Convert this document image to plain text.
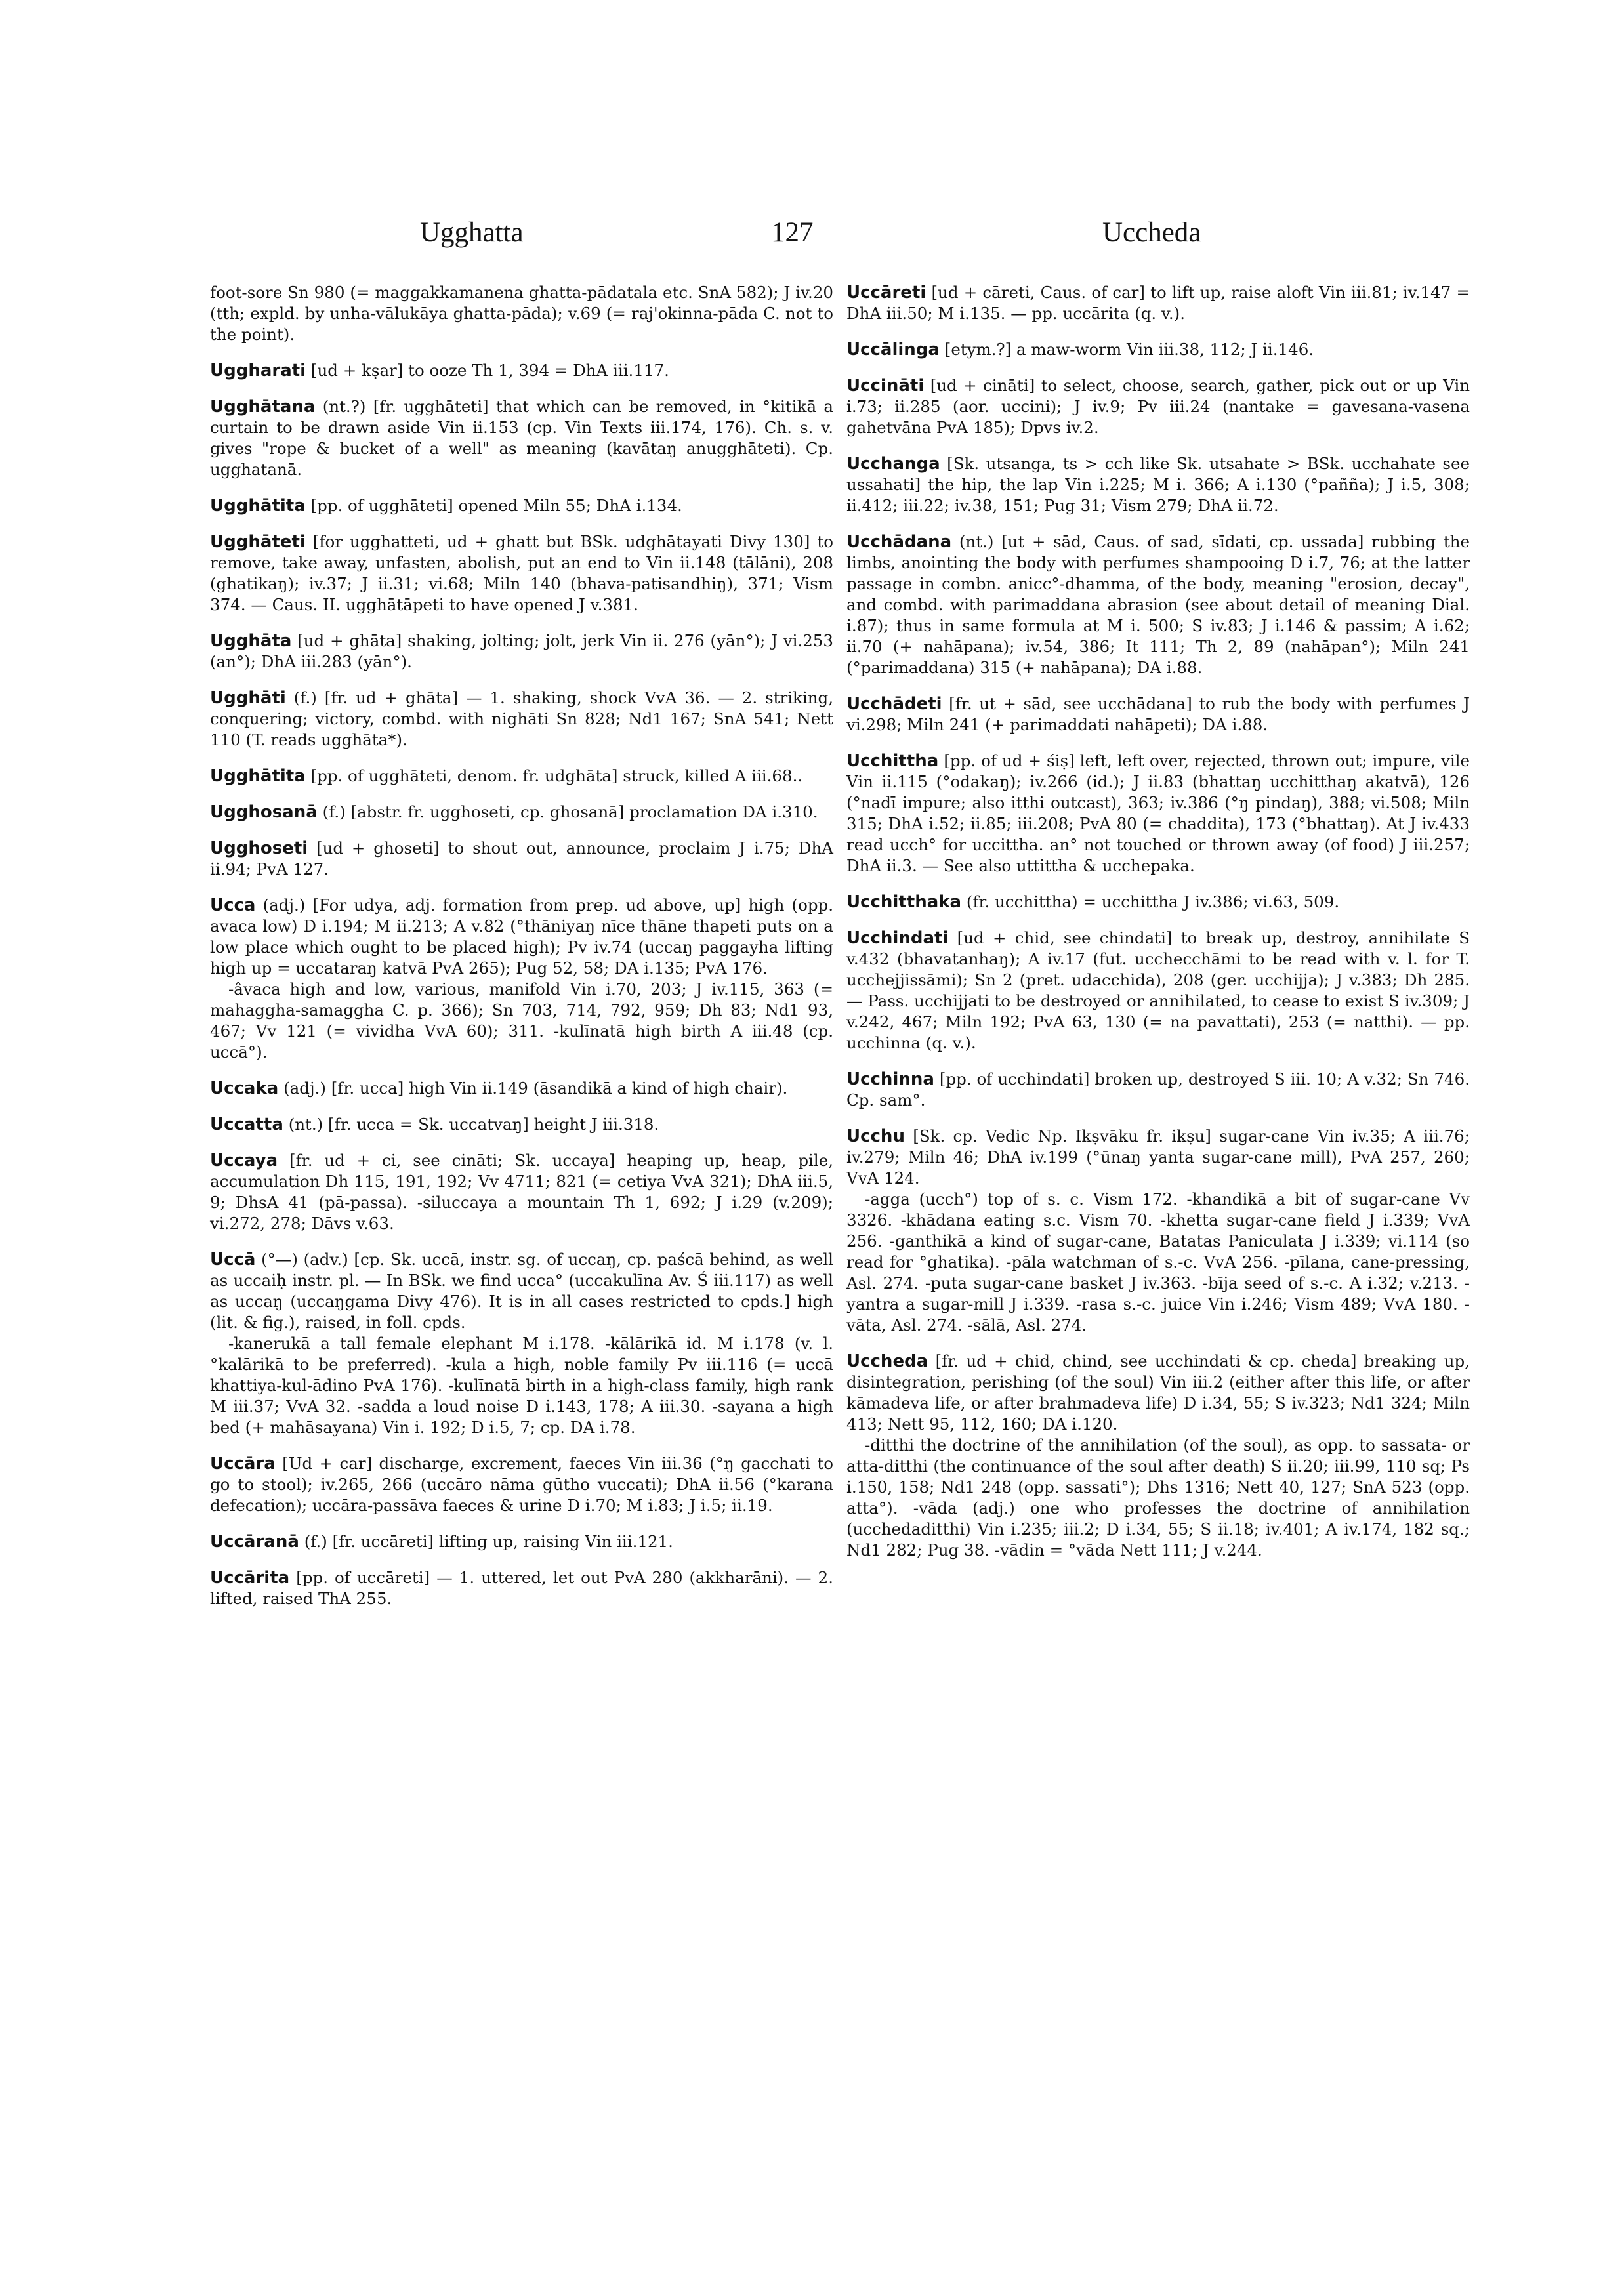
Ugghatta	127	Uccheda
foot-sore Sn 980 (= maggakkamanena ghatta-pādatala etc. SnA 582); J iv.20 (tth; expld. by unha-vālukāya ghatta-pāda); v.69 (= raj'okinna-pāda C. not to the point).
Uggharati [ud + kṣar] to ooze Th 1, 394 = DhA iii.117.
Ugghātana (nt.?) [fr. ugghāteti] that which can be removed, in °kitikā a curtain to be drawn aside Vin ii.153 (cp. Vin Texts iii.174, 176). Ch. s. v. gives "rope & bucket of a well" as meaning (kavātaŋ anugghāteti). Cp. ugghatanā.
Ugghātita [pp. of ugghāteti] opened Miln 55; DhA i.134.
Ugghāteti [for ugghatteti, ud + ghatt but BSk. udghātayati Divy 130] to remove, take away, unfasten, abolish, put an end to Vin ii.148 (tālāni), 208 (ghatikaŋ); iv.37; J ii.31; vi.68; Miln 140 (bhava-patisandhiŋ), 371; Vism 374. — Caus. II. ugghātāpeti to have opened J v.381.
Ugghāta [ud + ghāta] shaking, jolting; jolt, jerk Vin ii. 276 (yān°); J vi.253 (an°); DhA iii.283 (yān°).
Ugghāti (f.) [fr. ud + ghāta] — 1. shaking, shock VvA 36. — 2. striking, conquering; victory, combd. with nighāti Sn 828; Nd1 167; SnA 541; Nett 110 (T. reads ugghāta*).
Ugghātita [pp. of ugghāteti, denom. fr. udghāta] struck, killed A iii.68..
Ugghosanā (f.) [abstr. fr. ugghoseti, cp. ghosanā] proclamation DA i.310.
Ugghoseti [ud + ghoseti] to shout out, announce, proclaim J i.75; DhA ii.94; PvA 127.
Ucca (adj.) [For udya, adj. formation from prep. ud above, up] high (opp. avaca low) D i.194; M ii.213; A v.82 (°thāniyaŋ nīce thāne thapeti puts on a low place which ought to be placed high); Pv iv.74 (uccaŋ paggayha lifting high up = uccataraŋ katvā PvA 265); Pug 52, 58; DA i.135; PvA 176.
-âvaca high and low, various, manifold Vin i.70, 203; J iv.115, 363 (= mahaggha-samaggha C. p. 366); Sn 703, 714, 792, 959; Dh 83; Nd1 93, 467; Vv 121 (= vividha VvA 60); 311. -kulīnatā high birth A iii.48 (cp. uccā°).
Uccaka (adj.) [fr. ucca] high Vin ii.149 (āsandikā a kind of high chair).
Uccatta (nt.) [fr. ucca = Sk. uccatvaŋ] height J iii.318.
Uccaya [fr. ud + ci, see cināti; Sk. uccaya] heaping up, heap, pile, accumulation Dh 115, 191, 192; Vv 4711; 821 (= cetiya VvA 321); DhA iii.5, 9; DhsA 41 (pā-passa). -siluccaya a mountain Th 1, 692; J i.29 (v.209); vi.272, 278; Dāvs v.63.
Uccā (°—) (adv.) [cp. Sk. uccā, instr. sg. of uccaŋ, cp. paścā behind, as well as uccaiḥ instr. pl. — In BSk. we find ucca° (uccakulīna Av. Ś iii.117) as well as uccaŋ (uccaŋgama Divy 476). It is in all cases restricted to cpds.] high (lit. & fig.), raised, in foll. cpds.
-kanerukā a tall female elephant M i.178. -kālārikā id. M i.178 (v. l. °kalārikā to be preferred). -kula a high, noble family Pv iii.116 (= uccā khattiya-kul-ādino PvA 176). -kulīnatā birth in a high-class family, high rank M iii.37; VvA 32. -sadda a loud noise D i.143, 178; A iii.30. -sayana a high bed (+ mahāsayana) Vin i. 192; D i.5, 7; cp. DA i.78.
Uccāra [Ud + car] discharge, excrement, faeces Vin iii.36 (°ŋ gacchati to go to stool); iv.265, 266 (uccāro nāma gūtho vuccati); DhA ii.56 (°karana defecation); uccāra-passāva faeces & urine D i.70; M i.83; J i.5; ii.19.
Uccāranā (f.) [fr. uccāreti] lifting up, raising Vin iii.121.
Uccārita [pp. of uccāreti] — 1. uttered, let out PvA 280 (akkharāni). — 2. lifted, raised ThA 255.
Uccāreti [ud + cāreti, Caus. of car] to lift up, raise aloft Vin iii.81; iv.147 = DhA iii.50; M i.135. — pp. uccārita (q. v.).
Uccālinga [etym.?] a maw-worm Vin iii.38, 112; J ii.146.
Uccināti [ud + cināti] to select, choose, search, gather, pick out or up Vin i.73; ii.285 (aor. uccini); J iv.9; Pv iii.24 (nantake = gavesana-vasena gahetvāna PvA 185); Dpvs iv.2.
Ucchanga [Sk. utsanga, ts > cch like Sk. utsahate > BSk. ucchahate see ussahati] the hip, the lap Vin i.225; M i. 366; A i.130 (°pañña); J i.5, 308; ii.412; iii.22; iv.38, 151; Pug 31; Vism 279; DhA ii.72.
Ucchādana (nt.) [ut + sād, Caus. of sad, sīdati, cp. ussada] rubbing the limbs, anointing the body with perfumes shampooing D i.7, 76; at the latter passage in combn. anicc°-dhamma, of the body, meaning "erosion, decay", and combd. with parimaddana abrasion (see about detail of meaning Dial. i.87); thus in same formula at M i. 500; S iv.83; J i.146 & passim; A i.62; ii.70 (+ nahāpana); iv.54, 386; It 111; Th 2, 89 (nahāpan°); Miln 241 (°parimaddana) 315 (+ nahāpana); DA i.88.
Ucchādeti [fr. ut + sād, see ucchādana] to rub the body with perfumes J vi.298; Miln 241 (+ parimaddati nahāpeti); DA i.88.
Ucchittha [pp. of ud + śiṣ] left, left over, rejected, thrown out; impure, vile Vin ii.115 (°odakaŋ); iv.266 (id.); J ii.83 (bhattaŋ ucchitthaŋ akatvā), 126 (°nadī impure; also itthi outcast), 363; iv.386 (°ŋ pindaŋ), 388; vi.508; Miln 315; DhA i.52; ii.85; iii.208; PvA 80 (= chaddita), 173 (°bhattaŋ). At J iv.433 read ucch° for uccittha. an° not touched or thrown away (of food) J iii.257; DhA ii.3. — See also uttittha & ucchepaka.
Ucchitthaka (fr. ucchittha) = ucchittha J iv.386; vi.63, 509.
Ucchindati [ud + chid, see chindati] to break up, destroy, annihilate S v.432 (bhavatanhaŋ); A iv.17 (fut. ucchecchāmi to be read with v. l. for T. ucchejjissāmi); Sn 2 (pret. udacchida), 208 (ger. ucchijja); J v.383; Dh 285. — Pass. ucchijjati to be destroyed or annihilated, to cease to exist S iv.309; J v.242, 467; Miln 192; PvA 63, 130 (= na pavattati), 253 (= natthi). — pp. ucchinna (q. v.).
Ucchinna [pp. of ucchindati] broken up, destroyed S iii. 10; A v.32; Sn 746. Cp. sam°.
Ucchu [Sk. cp. Vedic Np. Ikṣvāku fr. ikṣu] sugar-cane Vin iv.35; A iii.76; iv.279; Miln 46; DhA iv.199 (°ūnaŋ yanta sugar-cane mill), PvA 257, 260; VvA 124.
-agga (ucch°) top of s. c. Vism 172. -khandikā a bit of sugar-cane Vv 3326. -khādana eating s.c. Vism 70. -khetta sugar-cane field J i.339; VvA 256. -ganthikā a kind of sugar-cane, Batatas Paniculata J i.339; vi.114 (so read for °ghatika). -pāla watchman of s.-c. VvA 256. -pīlana, cane-pressing, Asl. 274. -puta sugar-cane basket J iv.363. -bīja seed of s.-c. A i.32; v.213. -yantra a sugar-mill J i.339. -rasa s.-c. juice Vin i.246; Vism 489; VvA 180. -vāta, Asl. 274. -sālā, Asl. 274.
Uccheda [fr. ud + chid, chind, see ucchindati & cp. cheda] breaking up, disintegration, perishing (of the soul) Vin iii.2 (either after this life, or after kāmadeva life, or after brahmadeva life) D i.34, 55; S iv.323; Nd1 324; Miln 413; Nett 95, 112, 160; DA i.120.
-ditthi the doctrine of the annihilation (of the soul), as opp. to sassata- or atta-ditthi (the continuance of the soul after death) S ii.20; iii.99, 110 sq; Ps i.150, 158; Nd1 248 (opp. sassati°); Dhs 1316; Nett 40, 127; SnA 523 (opp. atta°). -vāda (adj.) one who professes the doctrine of annihilation (ucchedaditthi) Vin i.235; iii.2; D i.34, 55; S ii.18; iv.401; A iv.174, 182 sq.; Nd1 282; Pug 38. -vādin = °vāda Nett 111; J v.244.
